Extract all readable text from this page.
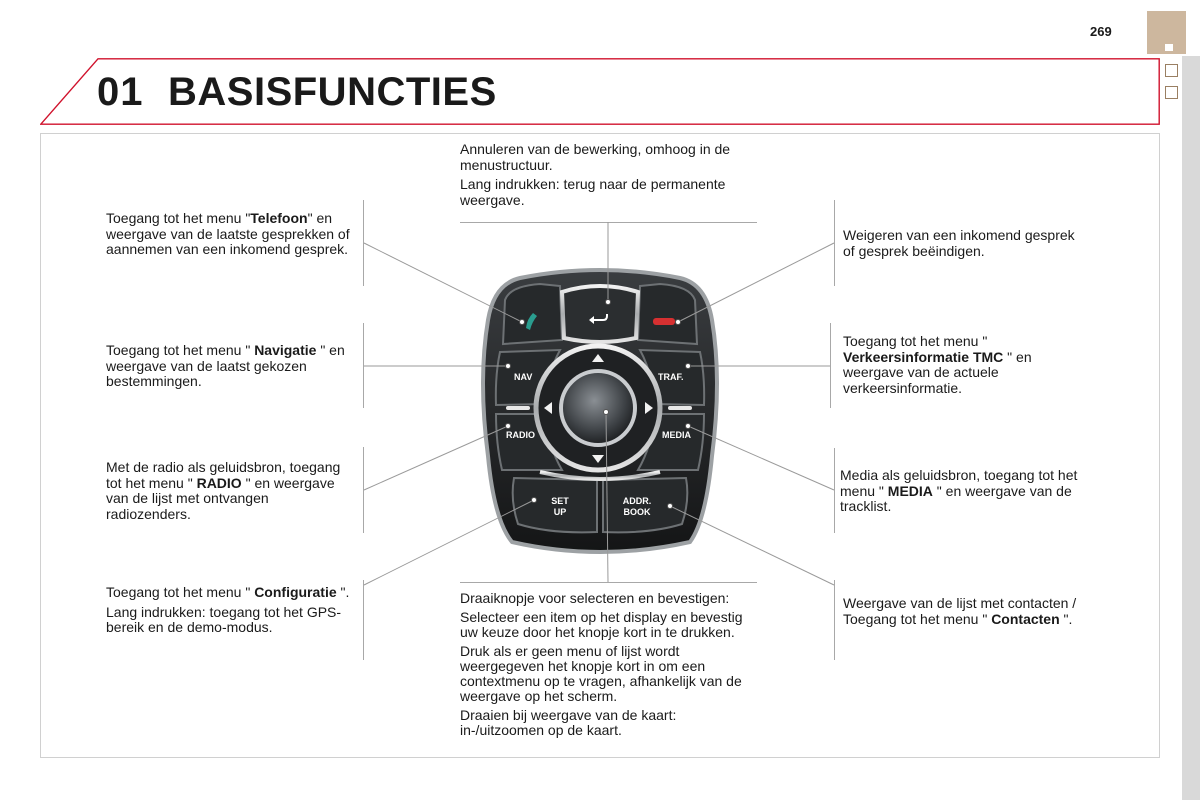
269
01 BASISFUNCTIES
NAV	TRAF.
RADIO	MEDIA
SET
UP
ADDR.
BOOK

Annuleren van de bewerking, omhoog in de menustructuur.

Lang indrukken: terug naar de permanente weergave.

Toegang tot het menu "Telefoon" en weergave van de laatste gesprekken of aannemen van een inkomend gesprek.
Weigeren van een inkomend gesprek of gesprek beëindigen.
Toegang tot het menu " Navigatie " en weergave van de laatst gekozen bestemmingen.
Toegang tot het menu " Verkeersinformatie TMC " en weergave van de actuele verkeersinformatie.
Met de radio als geluidsbron, toegang tot het menu " RADIO " en weergave van de lijst met ontvangen radiozenders.
Media als geluidsbron, toegang tot het menu " MEDIA " en weergave van de tracklist.

Toegang tot het menu " Configuratie ".

Lang indrukken: toegang tot het GPS-bereik en de demo-modus.

Draaiknopje voor selecteren en bevestigen:

Selecteer een item op het display en bevestig uw keuze door het knopje kort in te drukken.

Druk als er geen menu of lijst wordt weergegeven het knopje kort in om een contextmenu op te vragen, afhankelijk van de weergave op het scherm.

Draaien bij weergave van de kaart: in-/uitzoomen op de kaart.

Weergave van de lijst met contacten / Toegang tot het menu " Contacten ".
